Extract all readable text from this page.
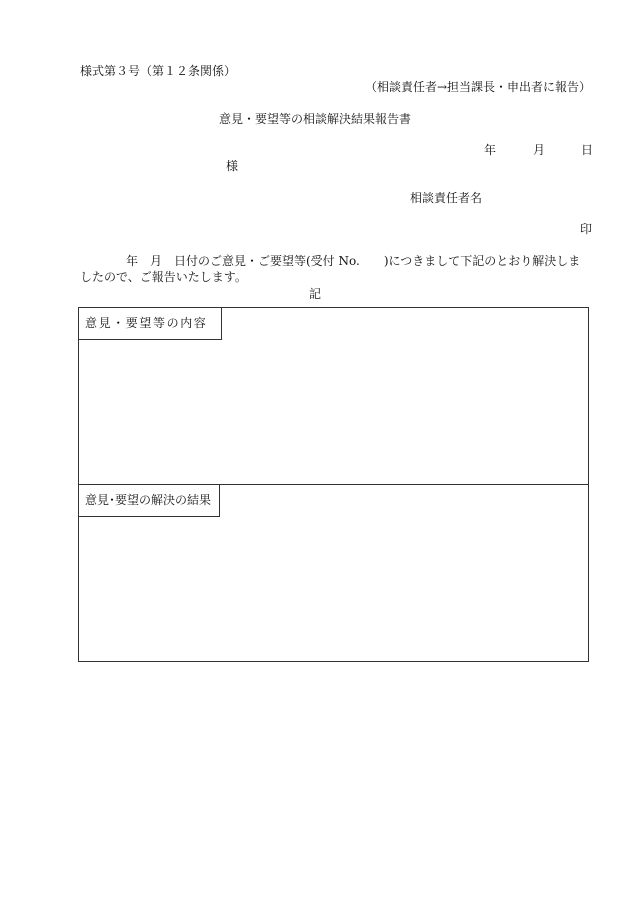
様式第３号（第１２条関係）
（相談責任者→担当課長・申出者に報告）
意見・要望等の相談解決結果報告書
年	月	日
様
相談責任者名
印
年　月　日付のご意見・ご要望等(受付 No.　　)につきまして下記のとおり解決しましたので、ご報告いたします。
記
意見・要望等の内容
意見･要望の解決の結果
